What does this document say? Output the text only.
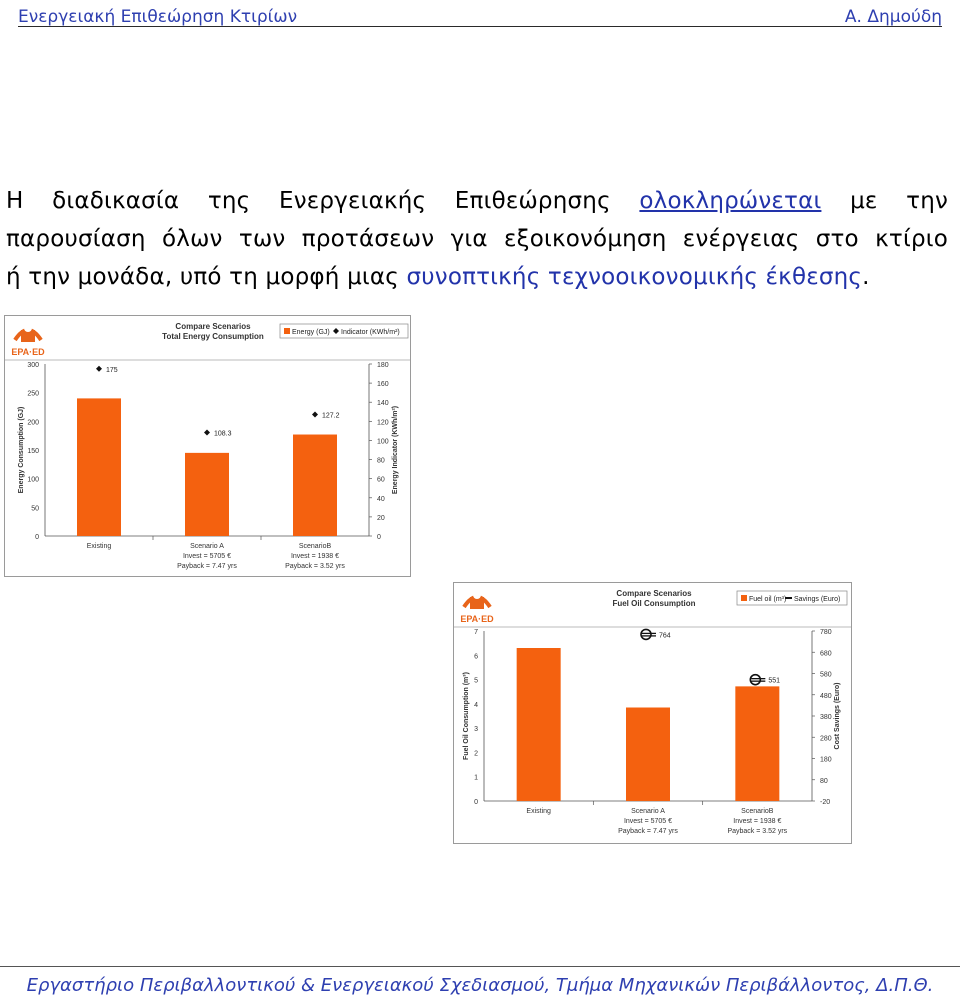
Ενεργειακή Επιθεώρηση Κτιρίων	Α. Δημούδη
Η διαδικασία της Ενεργειακής Επιθεώρησης ολοκληρώνεται με την
παρουσίαση όλων των προτάσεων για εξοικονόμηση ενέργειας στο κτίριο
ή την μονάδα, υπό τη μορφή μιας συνοπτικής τεχνοοικονομικής έκθεσης.
EPA·ED
Compare Scenarios
Total Energy Consumption	Energy (GJ) Indicator (KWh/m²)
0
50
100
150
200
250
300
0
20
40
60
80
100
120
140
160
180
Energy Consumption (GJ)	Energy Indicator (KWh/m²)
Existing	Scenario A
Invest = 5705 €
Payback = 7.47 yrs
ScenarioB
Invest = 1938 €
Payback = 3.52 yrs
175
108.3
127.2
EPA·ED
Compare Scenarios
Fuel Oil Consumption	Fuel oil (m³) Savings (Euro)
0
1
2
3
4
5
6
7
-20
80
180
280
380
480
580
680
780
Fuel Oil Consumption (m³)	Cost Savings (Euro)
Existing	Scenario A
Invest = 5705 €
Payback = 7.47 yrs
ScenarioB
Invest = 1938 €
Payback = 3.52 yrs
764
551
Εργαστήριο Περιβαλλοντικού & Ενεργειακού Σχεδιασμού, Τμήμα Μηχανικών Περιβάλλοντος, Δ.Π.Θ.
